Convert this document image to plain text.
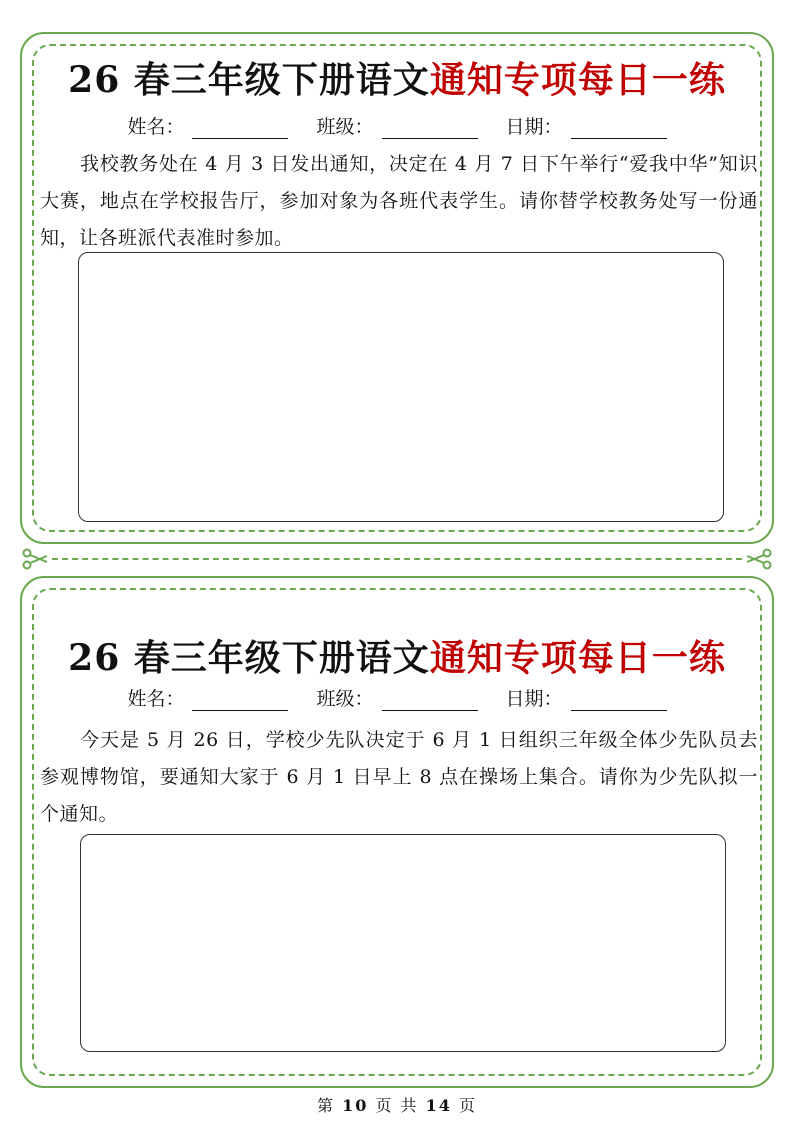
26 春三年级下册语文通知专项每日一练
姓名：	班级：	日期：
我校教务处在 4 月 3 日发出通知，决定在 4 月 7 日下午举行“爱我中华”知识大赛，地点在学校报告厅，参加对象为各班代表学生。请你替学校教务处写一份通知，让各班派代表准时参加。
26 春三年级下册语文通知专项每日一练
姓名：	班级：	日期：
今天是 5 月 26 日，学校少先队决定于 6 月 1 日组织三年级全体少先队员去参观博物馆，要通知大家于 6 月 1 日早上 8 点在操场上集合。请你为少先队拟一个通知。
第 10 页 共 14 页
